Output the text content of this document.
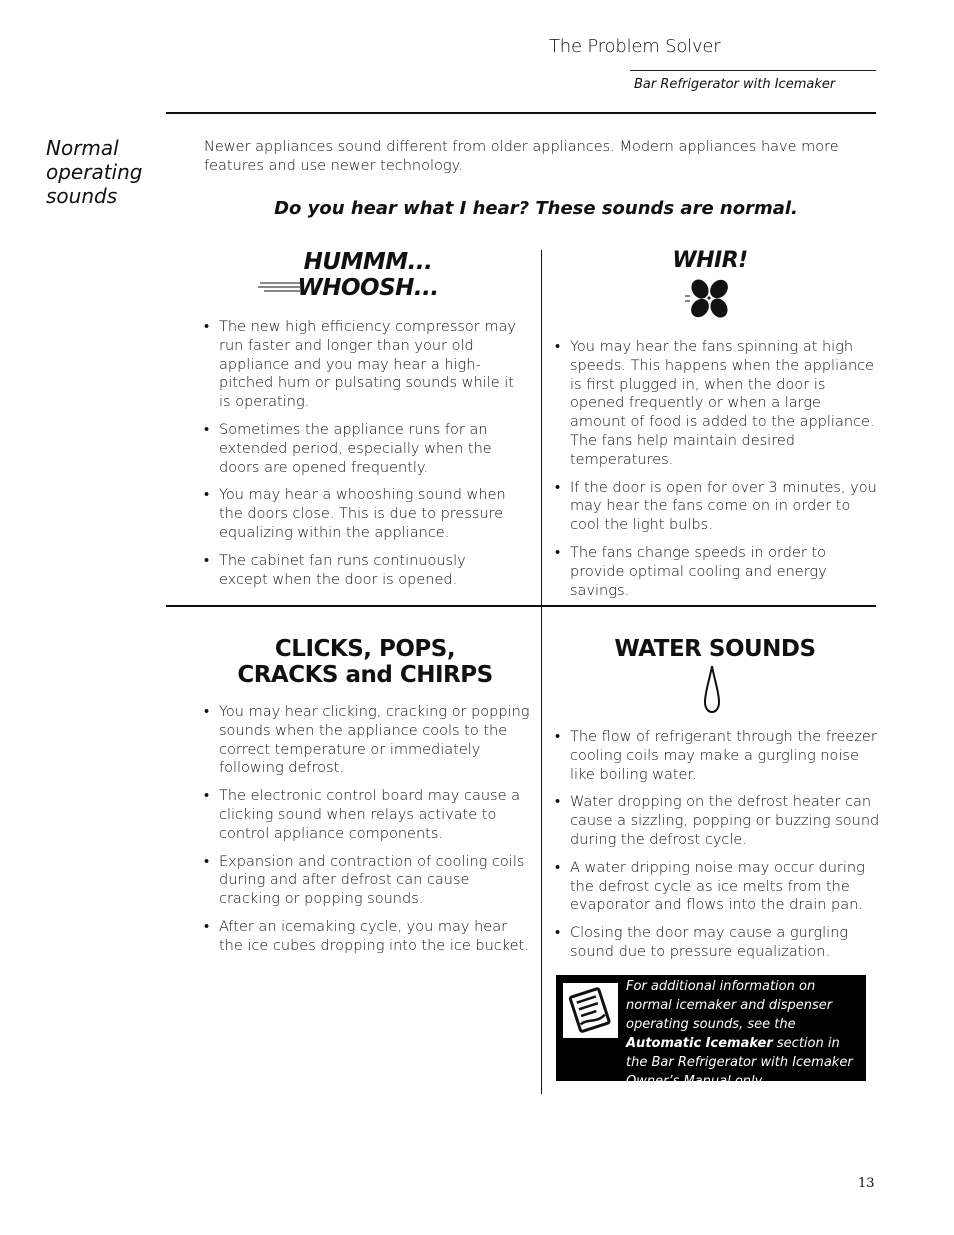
The Problem Solver
Bar Refrigerator with Icemaker
Normal operating sounds
Newer appliances sound different from older appliances. Modern appliances have more features and use newer technology.
Do you hear what I hear? These sounds are normal.
HUMMM...
WHOOSH...
• The new high efficiency compressor may run faster and longer than your old appliance and you may hear a high-pitched hum or pulsating sounds while it is operating.
• Sometimes the appliance runs for an extended period, especially when the doors are opened frequently.
• You may hear a whooshing sound when the doors close. This is due to pressure equalizing within the appliance.
• The cabinet fan runs continuously except when the door is opened.
WHIR!
• You may hear the fans spinning at high speeds. This happens when the appliance is first plugged in, when the door is opened frequently or when a large amount of food is added to the appliance. The fans help maintain desired temperatures.
• If the door is open for over 3 minutes, you may hear the fans come on in order to cool the light bulbs.
• The fans change speeds in order to provide optimal cooling and energy savings.
CLICKS, POPS,
CRACKS and CHIRPS
• You may hear clicking, cracking or popping sounds when the appliance cools to the correct temperature or immediately following defrost.
• The electronic control board may cause a clicking sound when relays activate to control appliance components.
• Expansion and contraction of cooling coils during and after defrost can cause cracking or popping sounds.
• After an icemaking cycle, you may hear the ice cubes dropping into the ice bucket.
WATER SOUNDS
• The flow of refrigerant through the freezer cooling coils may make a gurgling noise like boiling water.
• Water dropping on the defrost heater can cause a sizzling, popping or buzzing sound during the defrost cycle.
• A water dripping noise may occur during the defrost cycle as ice melts from the evaporator and flows into the drain pan.
• Closing the door may cause a gurgling sound due to pressure equalization.
For additional information on normal icemaker and dispenser operating sounds, see the Automatic Icemaker section in the Bar Refrigerator with Icemaker Owner’s Manual only.
13
